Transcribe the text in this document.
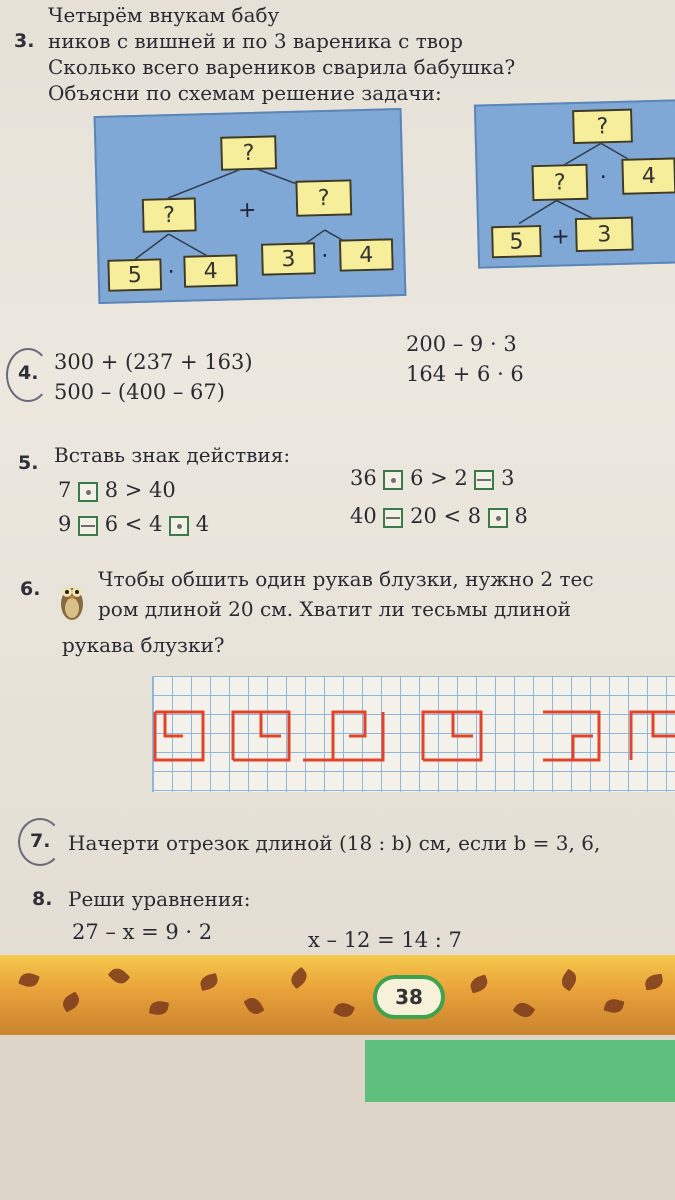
3.
Четырём внукам бабу
ников с вишней и по 3 вареника с твор
Сколько всего вареников сварила бабушка?
Объясни по схемам решение задачи:
?
?	+	?
5	·	4	3	·	4
?
?	·	4
5	+	3
4. 300 + (237 + 163)
500 – (400 – 67)
200 – 9 · 3
164 + 6 · 6
5. Вставь знак действия:
7 8 > 40
9 6 < 4 4
36 6 > 2 3
40 20 < 8 8
6.	Чтобы обшить один рукав блузки, нужно 2 тес
ром длиной 20 см. Хватит ли тесьмы длиной
рукава блузки?
7. Начерти отрезок длиной (18 : b) см, если b = 3, 6,
8. Реши уравнения:
27 – x = 9 · 2	x – 12 = 14 : 7
38
